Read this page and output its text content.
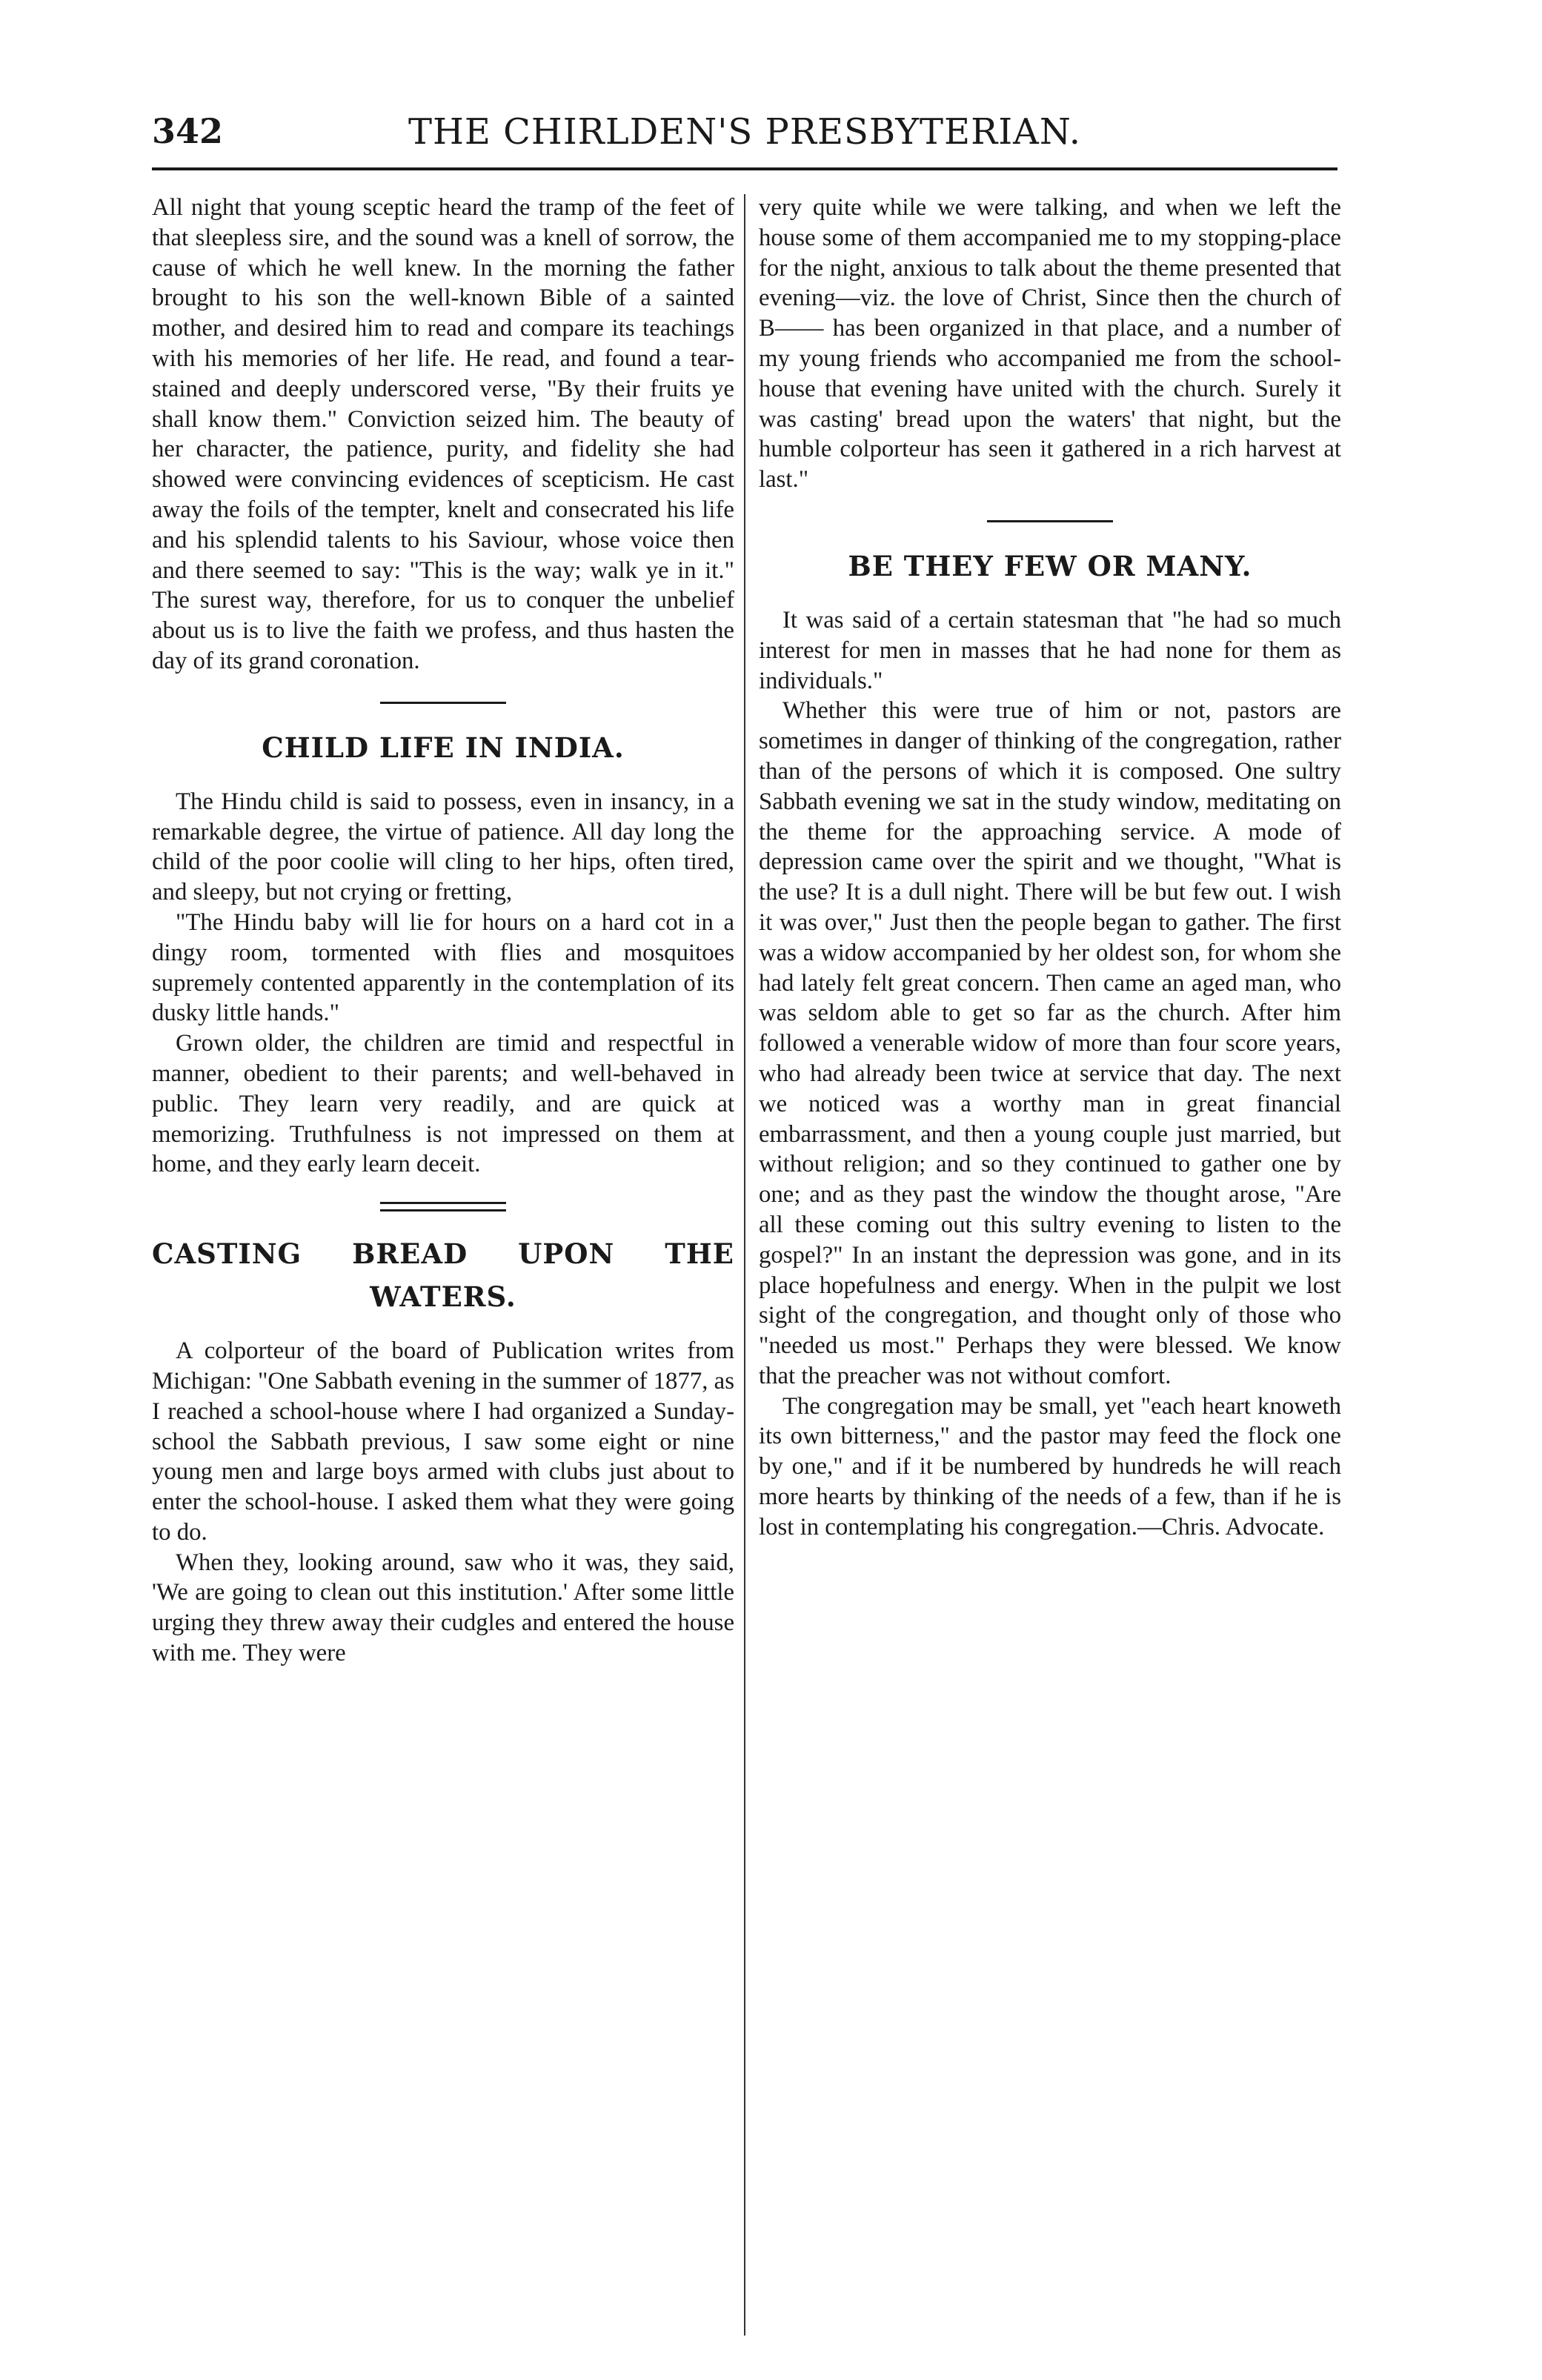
342	THE CHIRLDEN'S PRESBYTERIAN.

All night that young sceptic heard the tramp of the feet of that sleepless sire, and the sound was a knell of sorrow, the cause of which he well knew. In the morning the father brought to his son the well-known Bible of a sainted mother, and desired him to read and compare its teachings with his memories of her life. He read, and found a tear-stained and deeply underscored verse, "By their fruits ye shall know them." Conviction seized him. The beauty of her character, the patience, purity, and fidelity she had showed were convincing evidences of scepticism. He cast away the foils of the tempter, knelt and consecrated his life and his splendid talents to his Saviour, whose voice then and there seemed to say: "This is the way; walk ye in it." The surest way, therefore, for us to conquer the unbelief about us is to live the faith we profess, and thus hasten the day of its grand coronation.

CHILD LIFE IN INDIA.

The Hindu child is said to possess, even in insancy, in a remarkable degree, the virtue of patience. All day long the child of the poor coolie will cling to her hips, often tired, and sleepy, but not crying or fretting,

"The Hindu baby will lie for hours on a hard cot in a dingy room, tormented with flies and mosquitoes supremely contented apparently in the contemplation of its dusky little hands."

Grown older, the children are timid and respectful in manner, obedient to their parents; and well-behaved in public. They learn very readily, and are quick at memorizing. Truthfulness is not impressed on them at home, and they early learn deceit.

CASTING BREAD UPON THE WATERS.

A colporteur of the board of Publication writes from Michigan: "One Sabbath evening in the summer of 1877, as I reached a school-house where I had organized a Sunday-school the Sabbath previous, I saw some eight or nine young men and large boys armed with clubs just about to enter the school-house. I asked them what they were going to do.

When they, looking around, saw who it was, they said, 'We are going to clean out this institution.' After some little urging they threw away their cudgles and entered the house with me. They were

very quite while we were talking, and when we left the house some of them accompanied me to my stopping-place for the night, anxious to talk about the theme presented that evening—viz. the love of Christ, Since then the church of B—— has been organized in that place, and a number of my young friends who accompanied me from the school-house that evening have united with the church. Surely it was casting' bread upon the waters' that night, but the humble colporteur has seen it gathered in a rich harvest at last."

BE THEY FEW OR MANY.

It was said of a certain statesman that "he had so much interest for men in masses that he had none for them as individuals."

Whether this were true of him or not, pastors are sometimes in danger of thinking of the congregation, rather than of the persons of which it is composed. One sultry Sabbath evening we sat in the study window, meditating on the theme for the approaching service. A mode of depression came over the spirit and we thought, "What is the use? It is a dull night. There will be but few out. I wish it was over," Just then the people began to gather. The first was a widow accompanied by her oldest son, for whom she had lately felt great concern. Then came an aged man, who was seldom able to get so far as the church. After him followed a venerable widow of more than four score years, who had already been twice at service that day. The next we noticed was a worthy man in great financial embarrassment, and then a young couple just married, but without religion; and so they continued to gather one by one; and as they past the window the thought arose, "Are all these coming out this sultry evening to listen to the gospel?" In an instant the depression was gone, and in its place hopefulness and energy. When in the pulpit we lost sight of the congregation, and thought only of those who "needed us most." Perhaps they were blessed. We know that the preacher was not without comfort.

The congregation may be small, yet "each heart knoweth its own bitterness," and the pastor may feed the flock one by one," and if it be numbered by hundreds he will reach more hearts by thinking of the needs of a few, than if he is lost in contemplating his congregation.—Chris. Advocate.
